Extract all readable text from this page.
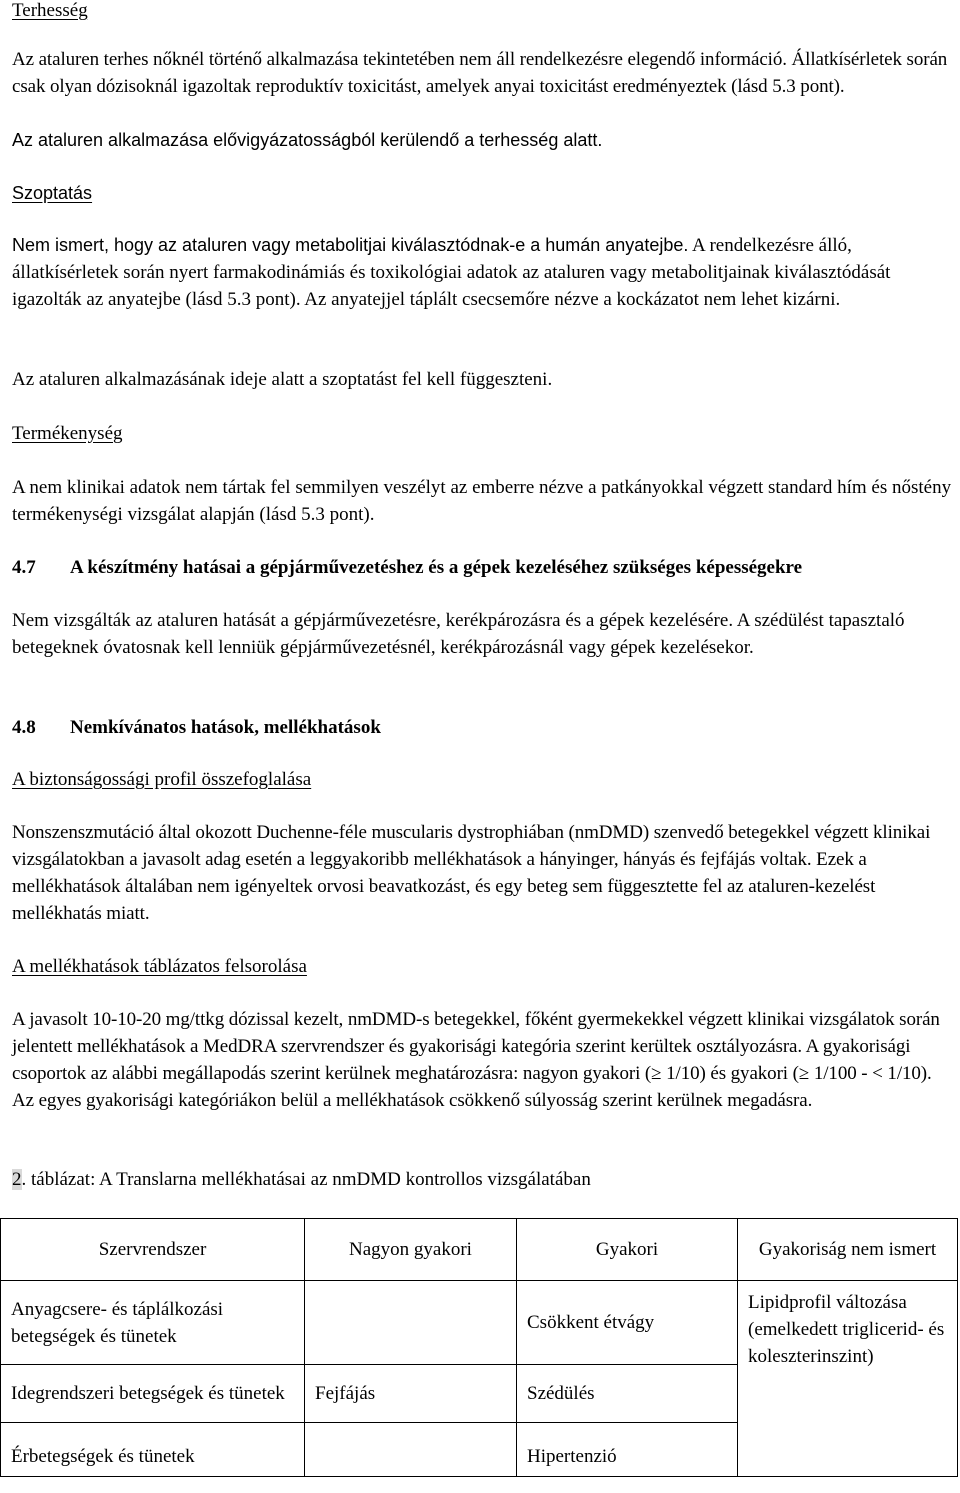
Terhesség

Az ataluren terhes nőknél történő alkalmazása tekintetében nem áll rendelkezésre elegendő információ. Állatkísérletek során csak olyan dózisoknál igazoltak reproduktív toxicitást, amelyek anyai toxicitást eredményeztek (lásd 5.3 pont).

Az ataluren alkalmazása elővigyázatosságból kerülendő a terhesség alatt.

Szoptatás

Nem ismert, hogy az ataluren vagy metabolitjai kiválasztódnak-e a humán anyatejbe. A rendelkezésre álló, állatkísérletek során nyert farmakodinámiás és toxikológiai adatok az ataluren vagy metabolitjainak kiválasztódását igazolták az anyatejbe (lásd 5.3 pont). Az anyatejjel táplált csecsemőre nézve a kockázatot nem lehet kizárni.

Az ataluren alkalmazásának ideje alatt a szoptatást fel kell függeszteni.

Termékenység

A nem klinikai adatok nem tártak fel semmilyen veszélyt az emberre nézve a patkányokkal végzett standard hím és nőstény termékenységi vizsgálat alapján (lásd 5.3 pont).

4.7 A készítmény hatásai a gépjárművezetéshez és a gépek kezeléséhez szükséges képességekre

Nem vizsgálták az ataluren hatását a gépjárművezetésre, kerékpározásra és a gépek kezelésére. A szédülést tapasztaló betegeknek óvatosnak kell lenniük gépjárművezetésnél, kerékpározásnál vagy gépek kezelésekor.

4.8 Nemkívánatos hatások, mellékhatások

A biztonságossági profil összefoglalása

Nonszenszmutáció által okozott Duchenne-féle muscularis dystrophiában (nmDMD) szenvedő betegekkel végzett klinikai vizsgálatokban a javasolt adag esetén a leggyakoribb mellékhatások a hányinger, hányás és fejfájás voltak. Ezek a mellékhatások általában nem igényeltek orvosi beavatkozást, és egy beteg sem függesztette fel az ataluren-kezelést mellékhatás miatt.

A mellékhatások táblázatos felsorolása

A javasolt 10-10-20 mg/ttkg dózissal kezelt, nmDMD-s betegekkel, főként gyermekekkel végzett klinikai vizsgálatok során jelentett mellékhatások a MedDRA szervrendszer és gyakorisági kategória szerint kerültek osztályozásra. A gyakorisági csoportok az alábbi megállapodás szerint kerülnek meghatározásra: nagyon gyakori (≥ 1/10) és gyakori (≥ 1/100 - < 1/10). Az egyes gyakorisági kategóriákon belül a mellékhatások csökkenő súlyosság szerint kerülnek megadásra.

2. táblázat: A Translarna mellékhatásai az nmDMD kontrollos vizsgálatában

Szervrendszer	Nagyon gyakori	Gyakori	Gyakoriság nem ismert
Anyagcsere- és táplálkozási betegségek és tünetek		Csökkent étvágy	Lipidprofil változása (emelkedett triglicerid- és koleszterinszint)
Idegrendszeri betegségek és tünetek	Fejfájás	Szédülés	
Érbetegségek és tünetek		Hipertenzió	
